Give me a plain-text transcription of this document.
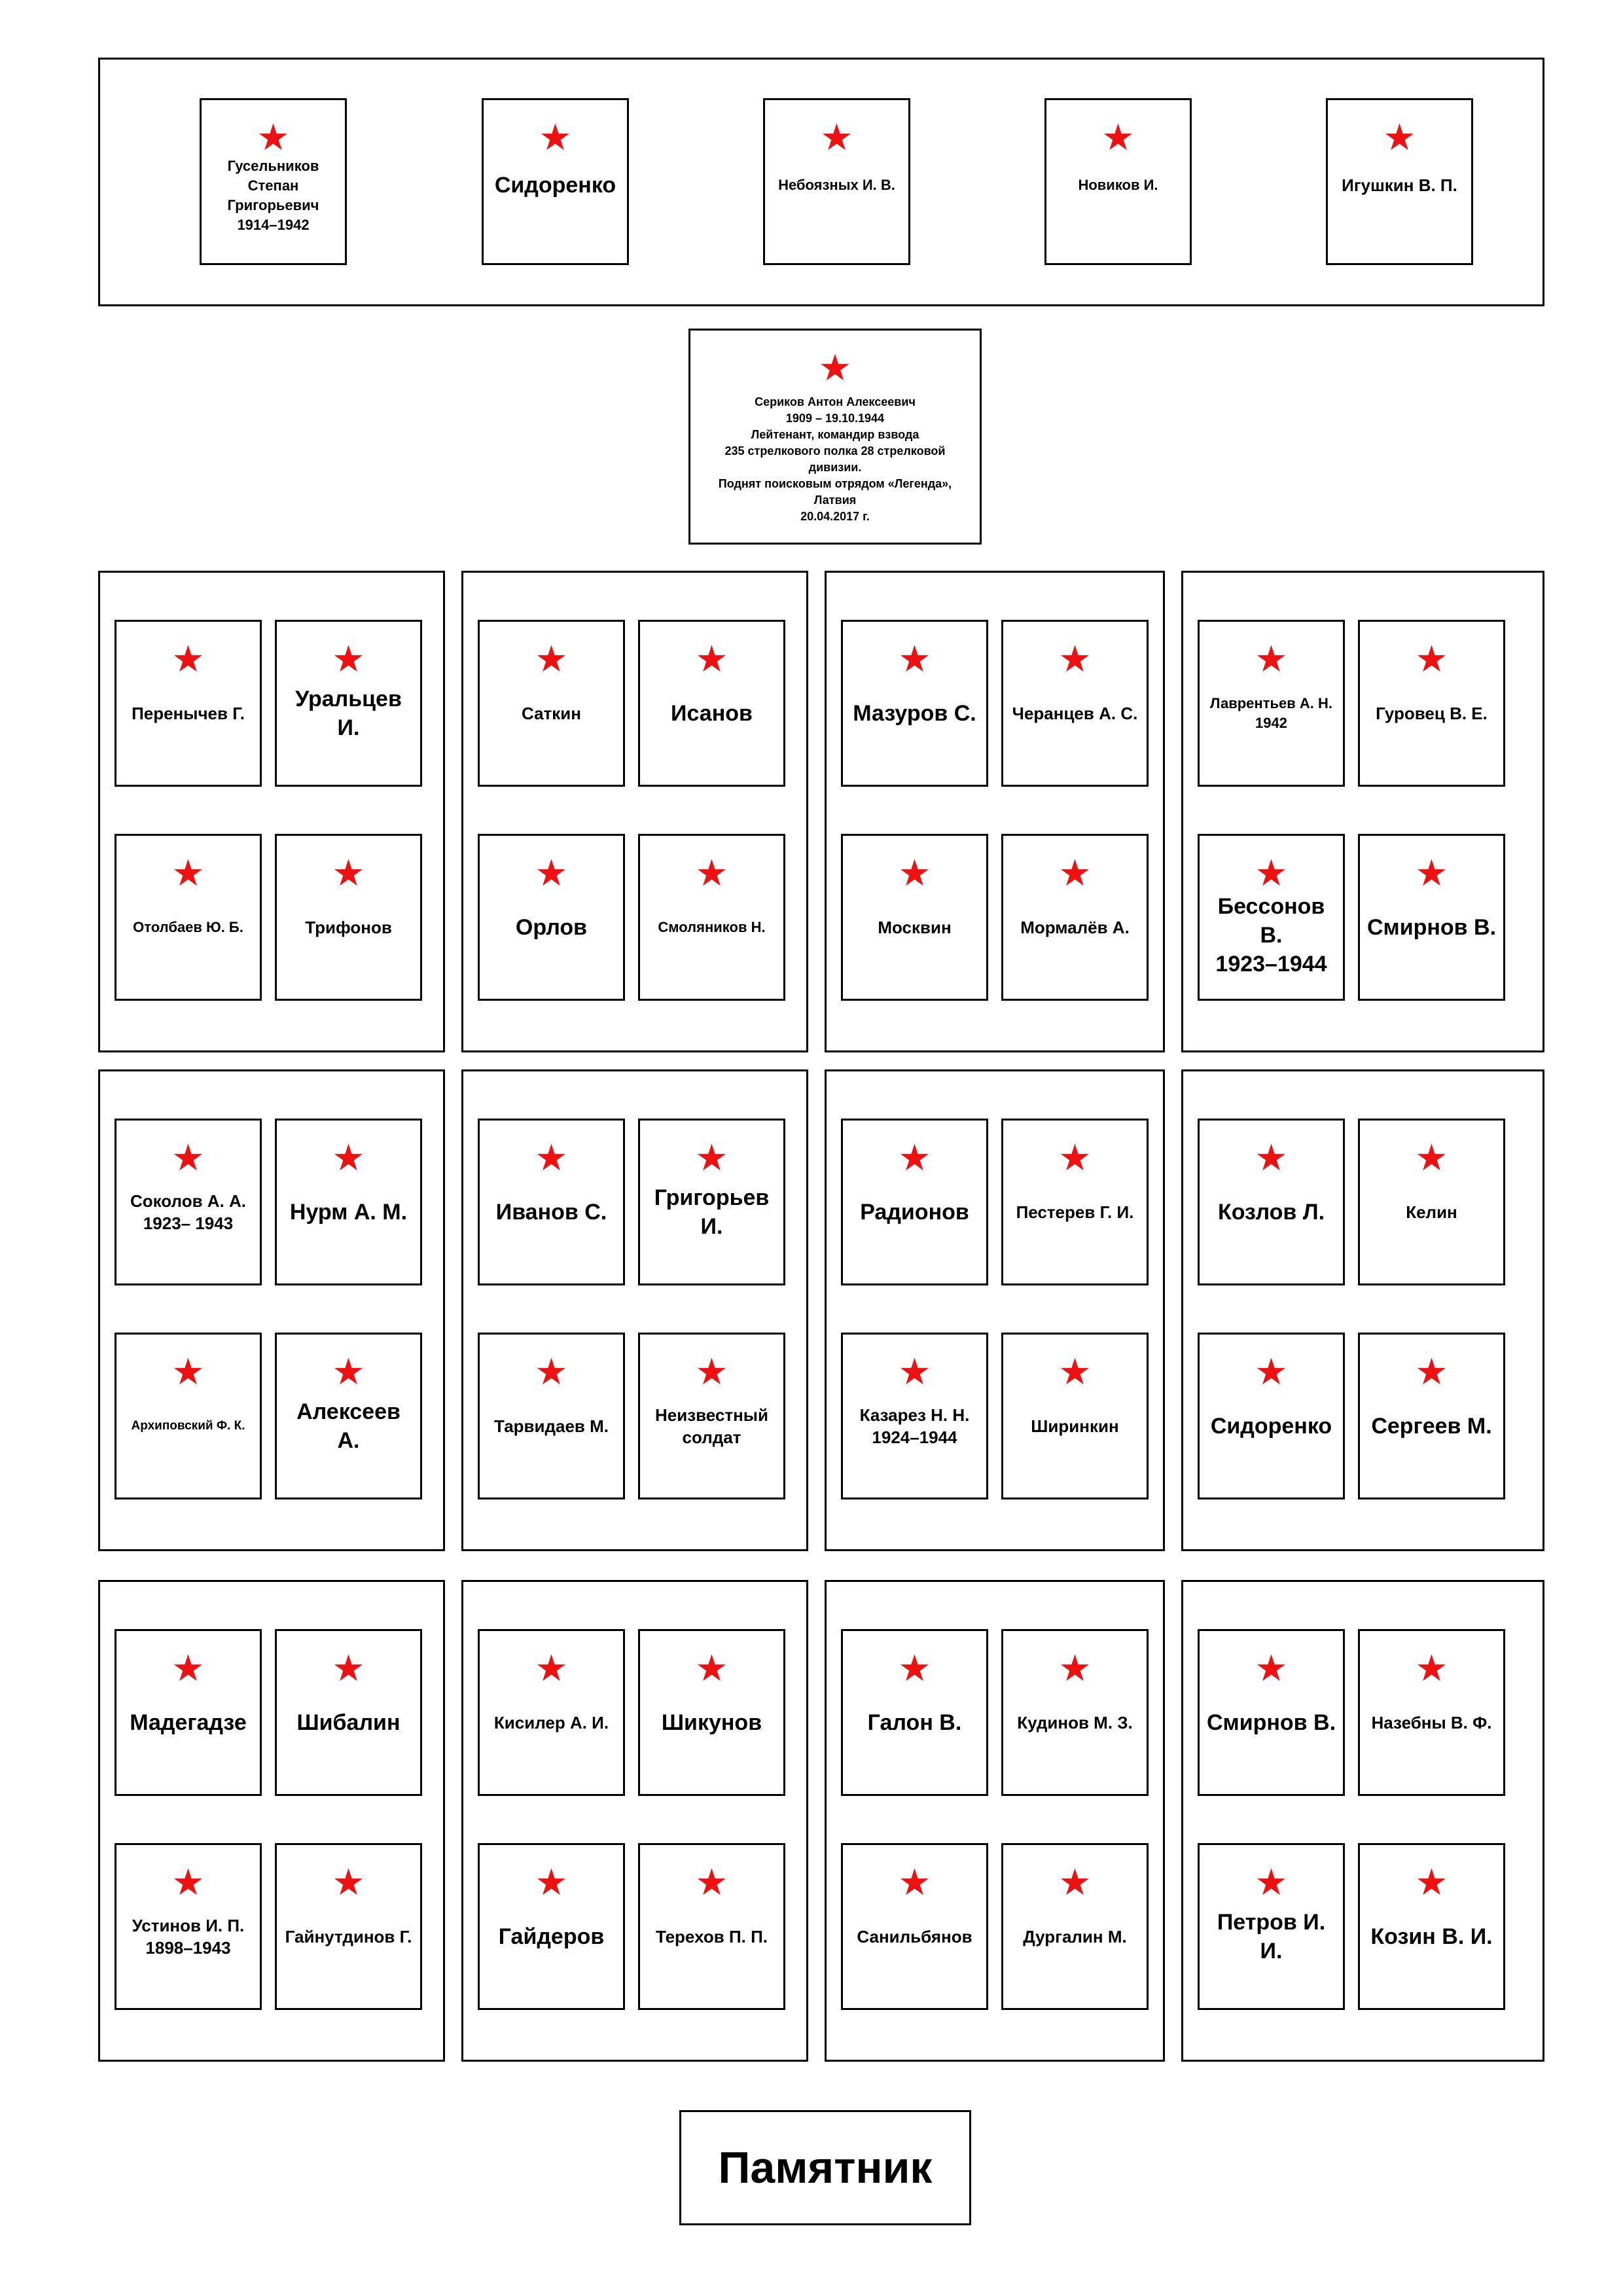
★
Гусельников
Степан
Григорьевич
1914–1942
★
Сидоренко
★
Небоязных И. В.
★
Новиков И.
★
Игушкин В. П.
★
Сериков Антон Алексеевич
1909 – 19.10.1944
Лейтенант, командир взвода
235 стрелкового полка 28 стрелковой
дивизии.
Поднят поисковым отрядом «Легенда»,
Латвия
20.04.2017 г.
★
Перенычев Г.
★
Уральцев И.
★
Отолбаев Ю. Б.
★
Трифонов
★
Саткин
★
Исанов
★
Орлов
★
Смоляников Н.
★
Мазуров С.
★
Черанцев А. С.
★
Москвин
★
Мормалёв А.
★
Лаврентьев А. Н.
1942
★
Гуровец В. Е.
★
Бессонов В.
1923–1944
★
Смирнов В.
★
Соколов А. А.
1923– 1943
★
Нурм А. М.
★
Архиповский Ф. К.
★
Алексеев А.
★
Иванов С.
★
Григорьев И.
★
Тарвидаев М.
★
Неизвестный
солдат
★
Радионов
★
Пестерев Г. И.
★
Казарез Н. Н.
1924–1944
★
Ширинкин
★
Козлов Л.
★
Келин
★
Сидоренко
★
Сергеев М.
★
Мадегадзе
★
Шибалин
★
Устинов И. П.
1898–1943
★
Гайнутдинов Г.
★
Кисилер А. И.
★
Шикунов
★
Гайдеров
★
Терехов П. П.
★
Галон В.
★
Кудинов М. З.
★
Санильбянов
★
Дургалин М.
★
Смирнов В.
★
Назебны В. Ф.
★
Петров И. И.
★
Козин В. И.
Памятник
